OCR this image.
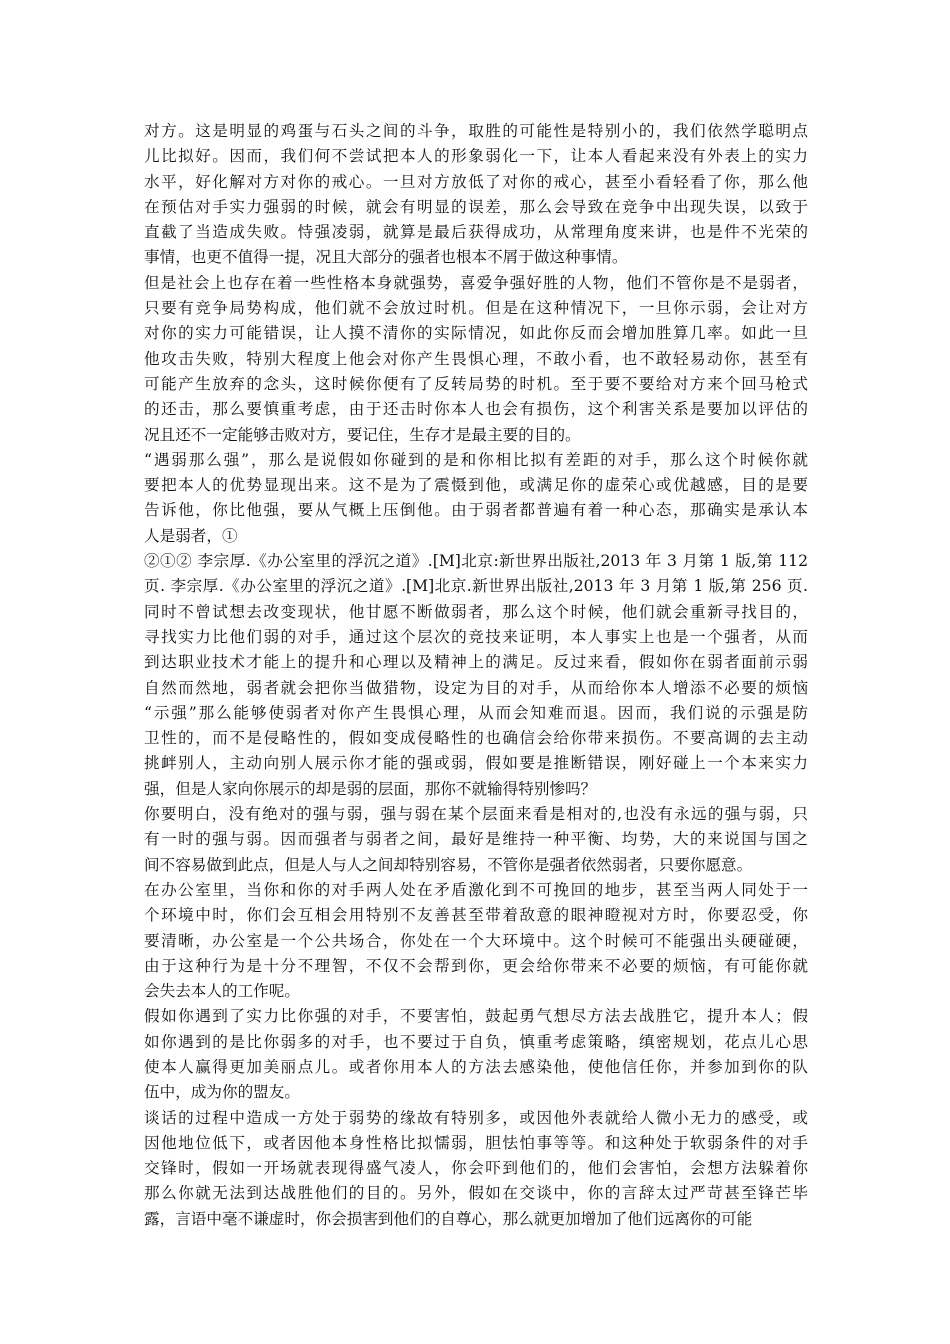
对方。这是明显的鸡蛋与石头之间的斗争，取胜的可能性是特别小的，我们依然学聪明点
儿比拟好。因而，我们何不尝试把本人的形象弱化一下，让本人看起来没有外表上的实力
水平，好化解对方对你的戒心。一旦对方放低了对你的戒心，甚至小看轻看了你，那么他
在预估对手实力强弱的时候，就会有明显的误差，那么会导致在竞争中出现失误，以致于
直截了当造成失败。恃强凌弱，就算是最后获得成功，从常理角度来讲，也是件不光荣的
事情，也更不值得一提，况且大部分的强者也根本不屑于做这种事情。
但是社会上也存在着一些性格本身就强势，喜爱争强好胜的人物，他们不管你是不是弱者，
只要有竞争局势构成，他们就不会放过时机。但是在这种情况下，一旦你示弱，会让对方
对你的实力可能错误，让人摸不清你的实际情况，如此你反而会增加胜算几率。如此一旦
他攻击失败，特别大程度上他会对你产生畏惧心理，不敢小看，也不敢轻易动你，甚至有
可能产生放弃的念头，这时候你便有了反转局势的时机。至于要不要给对方来个回马枪式
的还击，那么要慎重考虑，由于还击时你本人也会有损伤，这个利害关系是要加以评估的
况且还不一定能够击败对方，要记住，生存才是最主要的目的。
“遇弱那么强”，那么是说假如你碰到的是和你相比拟有差距的对手，那么这个时候你就
要把本人的优势显现出来。这不是为了震慑到他，或满足你的虚荣心或优越感，目的是要
告诉他，你比他强，要从气概上压倒他。由于弱者都普遍有着一种心态，那确实是承认本
人是弱者，①
②①② 李宗厚.《办公室里的浮沉之道》.[M]北京:新世界出版社,2013 年 3 月第 1 版,第 112
页. 李宗厚.《办公室里的浮沉之道》.[M]北京.新世界出版社,2013 年 3 月第 1 版,第 256 页.
同时不曾试想去改变现状，他甘愿不断做弱者，那么这个时候，他们就会重新寻找目的，
寻找实力比他们弱的对手，通过这个层次的竞技来证明，本人事实上也是一个强者，从而
到达职业技术才能上的提升和心理以及精神上的满足。反过来看，假如你在弱者面前示弱
自然而然地，弱者就会把你当做猎物，设定为目的对手，从而给你本人增添不必要的烦恼
“示强”那么能够使弱者对你产生畏惧心理，从而会知难而退。因而，我们说的示强是防
卫性的，而不是侵略性的，假如变成侵略性的也确信会给你带来损伤。不要高调的去主动
挑衅别人，主动向别人展示你才能的强或弱，假如要是推断错误，刚好碰上一个本来实力
强，但是人家向你展示的却是弱的层面，那你不就输得特别惨吗？
你要明白，没有绝对的强与弱，强与弱在某个层面来看是相对的,也没有永远的强与弱，只
有一时的强与弱。因而强者与弱者之间，最好是维持一种平衡、均势，大的来说国与国之
间不容易做到此点，但是人与人之间却特别容易，不管你是强者依然弱者，只要你愿意。
在办公室里，当你和你的对手两人处在矛盾激化到不可挽回的地步，甚至当两人同处于一
个环境中时，你们会互相会用特别不友善甚至带着敌意的眼神瞪视对方时，你要忍受，你
要清晰，办公室是一个公共场合，你处在一个大环境中。这个时候可不能强出头硬碰硬，
由于这种行为是十分不理智，不仅不会帮到你，更会给你带来不必要的烦恼，有可能你就
会失去本人的工作呢。
假如你遇到了实力比你强的对手，不要害怕，鼓起勇气想尽方法去战胜它，提升本人；假
如你遇到的是比你弱多的对手，也不要过于自负，慎重考虑策略，缜密规划，花点儿心思
使本人赢得更加美丽点儿。或者你用本人的方法去感染他，使他信任你，并参加到你的队
伍中，成为你的盟友。
谈话的过程中造成一方处于弱势的缘故有特别多，或因他外表就给人微小无力的感受，或
因他地位低下，或者因他本身性格比拟懦弱，胆怯怕事等等。和这种处于软弱条件的对手
交锋时，假如一开场就表现得盛气凌人，你会吓到他们的，他们会害怕，会想方法躲着你
那么你就无法到达战胜他们的目的。另外，假如在交谈中，你的言辞太过严苛甚至锋芒毕
露，言语中毫不谦虚时，你会损害到他们的自尊心，那么就更加增加了他们远离你的可能
